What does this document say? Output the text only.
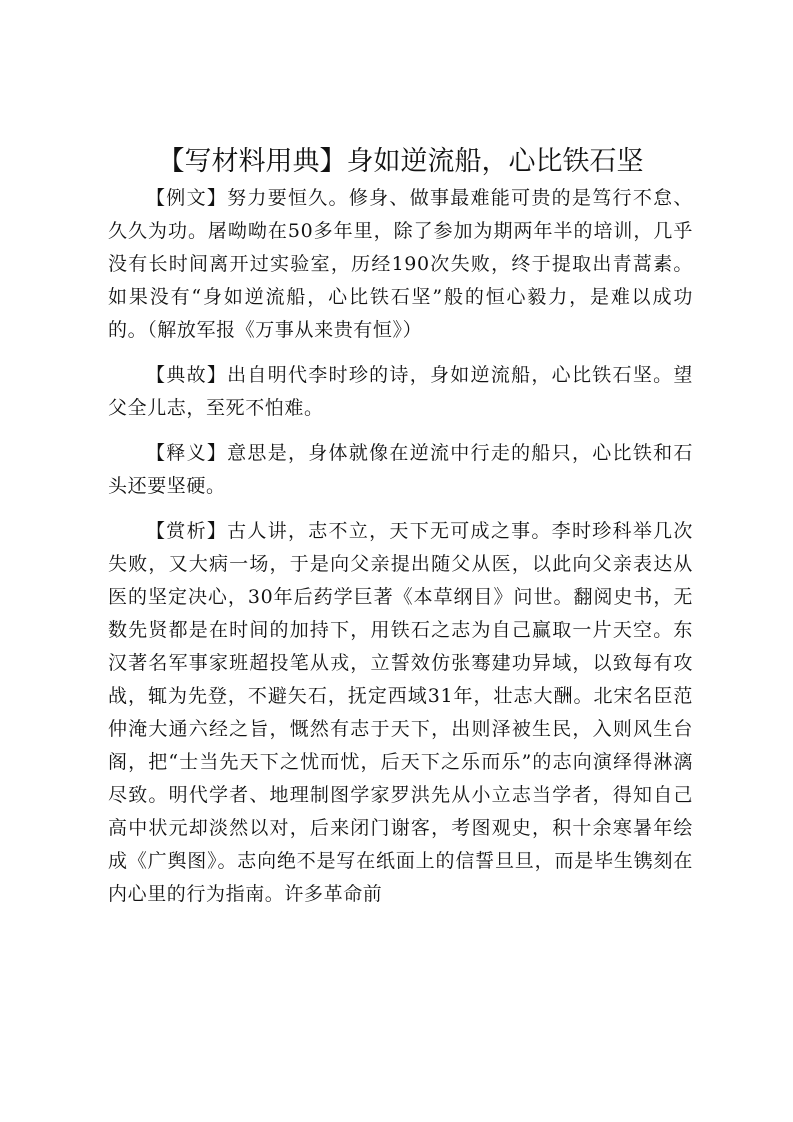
【写材料用典】身如逆流船，心比铁石坚

【例文】努力要恒久。修身、做事最难能可贵的是笃行不怠、久久为功。屠呦呦在50多年里，除了参加为期两年半的培训，几乎没有长时间离开过实验室，历经190次失败，终于提取出青蒿素。如果没有“身如逆流船，心比铁石坚”般的恒心毅力，是难以成功的。（解放军报《万事从来贵有恒》）

【典故】出自明代李时珍的诗，身如逆流船，心比铁石坚。望父全儿志，至死不怕难。

【释义】意思是，身体就像在逆流中行走的船只，心比铁和石头还要坚硬。

【赏析】古人讲，志不立，天下无可成之事。李时珍科举几次失败，又大病一场，于是向父亲提出随父从医，以此向父亲表达从医的坚定决心，30年后药学巨著《本草纲目》问世。翻阅史书，无数先贤都是在时间的加持下，用铁石之志为自己赢取一片天空。东汉著名军事家班超投笔从戎，立誓效仿张骞建功异域，以致每有攻战，辄为先登，不避矢石，抚定西域31年，壮志大酬。北宋名臣范仲淹大通六经之旨，慨然有志于天下，出则泽被生民，入则风生台阁，把“士当先天下之忧而忧，后天下之乐而乐”的志向演绎得淋漓尽致。明代学者、地理制图学家罗洪先从小立志当学者，得知自己高中状元却淡然以对，后来闭门谢客，考图观史，积十余寒暑年绘成《广舆图》。志向绝不是写在纸面上的信誓旦旦，而是毕生镌刻在内心里的行为指南。许多革命前
